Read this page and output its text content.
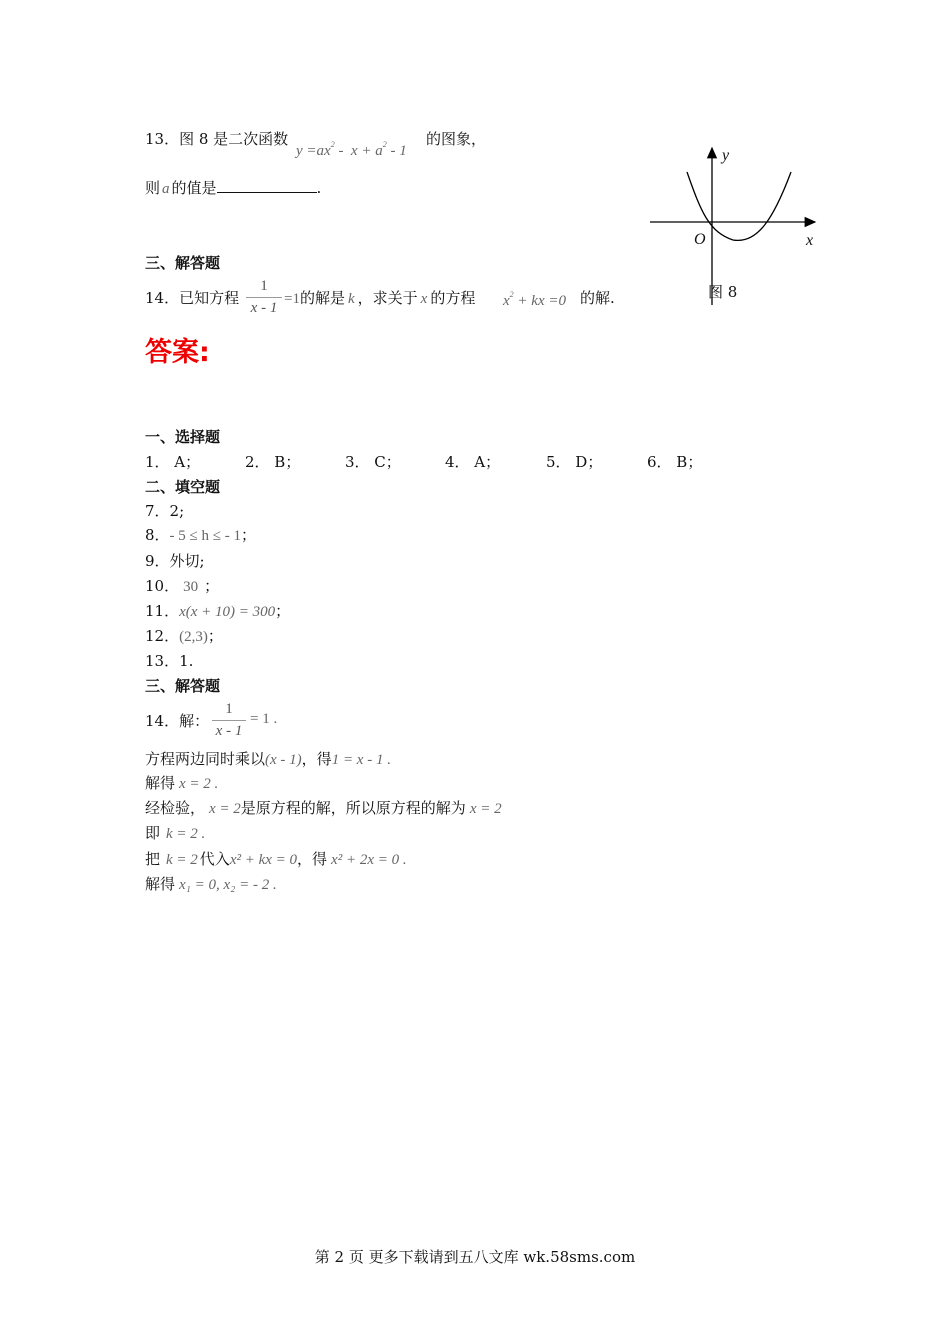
13．图 8 是二次函数
$y =ax^2 - x + a^2 - 1$
的图象，
则 a 的值是	.
y
x
O
图 8
三、解答题
14．已知方程
1
x - 1
=1的解是 k ，求关于 x 的方程 $x^2$ + kx =0 的解.
答案:
一、选择题
1． A；	2． B；	3． C；	4． A；	5． D；	6． B；
二、填空题
7．2;
8．- 5 ≤ h ≤ - 1；
9．外切;
10． 30 ；
11．x(x + 10) = 300；
12．(2,3)；
13．1.
三、解答题
14．解：
1
x - 1
= 1 .
方程两边同时乘以(x - 1)，得1 = x - 1 .
解得 x = 2 .
经检验， x = 2是原方程的解，所以原方程的解为 x = 2
即 k = 2 .
把 k = 2 代入x² + kx = 0，得 x² + 2x = 0 .
解得 x₁ = 0, x₂ = - 2 .
第 2 页 更多下载请到五八文库 wk.58sms.com
